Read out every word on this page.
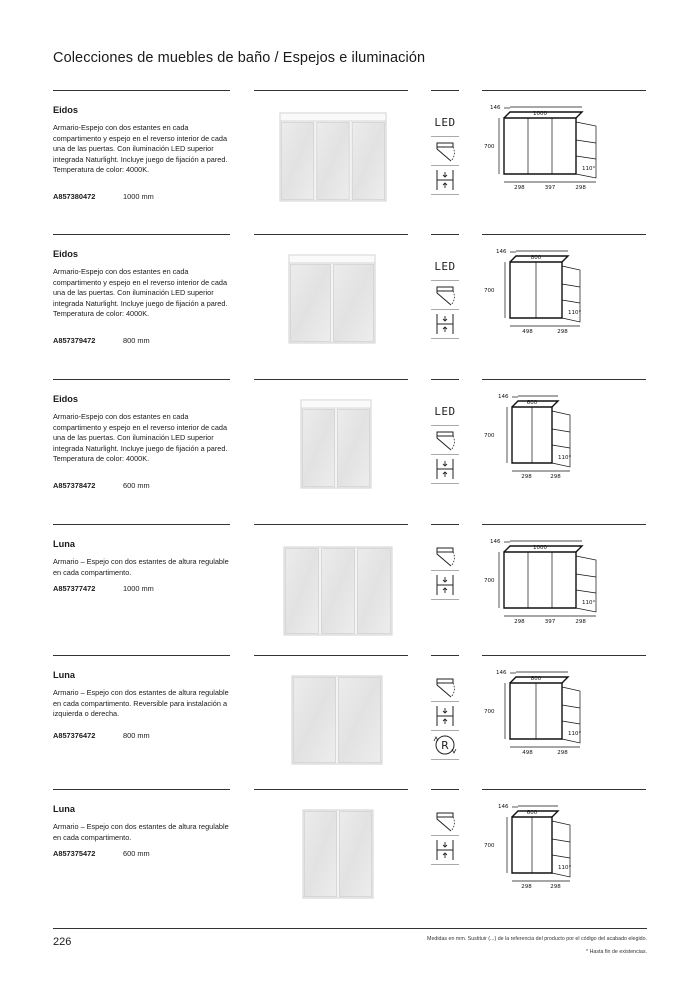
Colecciones de muebles de baño / Espejos e iluminación
Eidos
Armario-Espejo con dos estantes en cada compartimento y espejo en el reverso interior de cada una de las puertas. Con iluminación LED superior integrada Naturlight. Incluye juego de fijación a pared. Temperatura de color: 4000K.
A857380472	1000 mm
LED
146
1000
700
110°
298	397	298
Eidos
Armario-Espejo con dos estantes en cada compartimento y espejo en el reverso interior de cada una de las puertas. Con iluminación LED superior integrada Naturlight. Incluye juego de fijación a pared. Temperatura de color: 4000K.
A857379472	800 mm
LED
146
800
700
110°
498	298
Eidos
Armario-Espejo con dos estantes en cada compartimento y espejo en el reverso interior de cada una de las puertas. Con iluminación LED superior integrada Naturlight. Incluye juego de fijación a pared. Temperatura de color: 4000K.
A857378472	600 mm
LED
146
600
700
110°
298	298
Luna
Armario – Espejo con dos estantes de altura regulable en cada compartimento.
A857377472	1000 mm
146
1000
700
110°
298	397	298
Luna
Armario – Espejo con dos estantes de altura regulable en cada compartimento. Reversible para instalación a izquierda o derecha.
A857376472	800 mm
R
146
800
700
110°
498	298
Luna
Armario – Espejo con dos estantes de altura regulable en cada compartimento.
A857375472	600 mm
146
600
700
110°
298	298
226	Medidas en mm. Sustituir (...) de la referencia del producto por el código del acabado elegido.
* Hasta fin de existencias.
